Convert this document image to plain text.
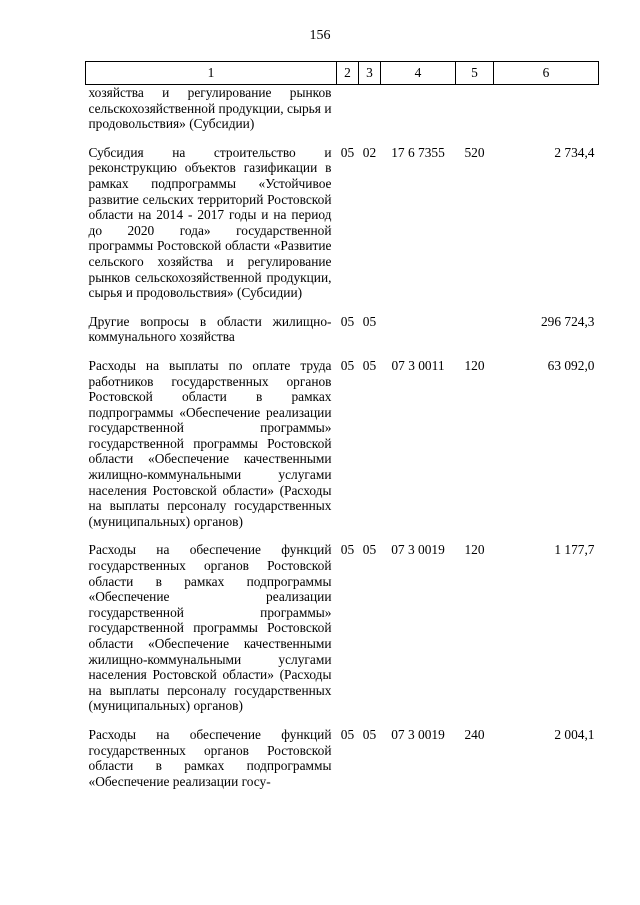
156
1	2	3	4	5	6
хозяйства и регулирование рынков сельскохозяйственной продукции, сырья и продовольствия» (Субсидии)					
Субсидия на строительство и реконструкцию объектов газификации в рамках подпрограммы «Устойчивое развитие сельских территорий Ростовской области на 2014 - 2017 годы и на период до 2020 года» государственной программы Ростовской области «Развитие сельского хозяйства и регулирование рынков сельскохозяйственной продукции, сырья и продовольствия» (Субсидии)	05	02	17 6 7355	520	2 734,4
Другие вопросы в области жилищно-коммунального хозяйства	05	05			296 724,3
Расходы на выплаты по оплате труда работников государственных органов Ростовской области в рамках подпрограммы «Обеспечение реализации государственной программы» государственной программы Ростовской области «Обеспечение качественными жилищно-коммунальными услугами населения Ростовской области» (Расходы на выплаты персоналу государственных (муниципальных) органов)	05	05	07 3 0011	120	63 092,0
Расходы на обеспечение функций государственных органов Ростовской области в рамках подпрограммы «Обеспечение реализации государственной программы» государственной программы Ростовской области «Обеспечение качественными жилищно-коммунальными услугами населения Ростовской области» (Расходы на выплаты персоналу государственных (муниципальных) органов)	05	05	07 3 0019	120	1 177,7
Расходы на обеспечение функций государственных органов Ростовской области в рамках подпрограммы «Обеспечение реализации госу-	05	05	07 3 0019	240	2 004,1
